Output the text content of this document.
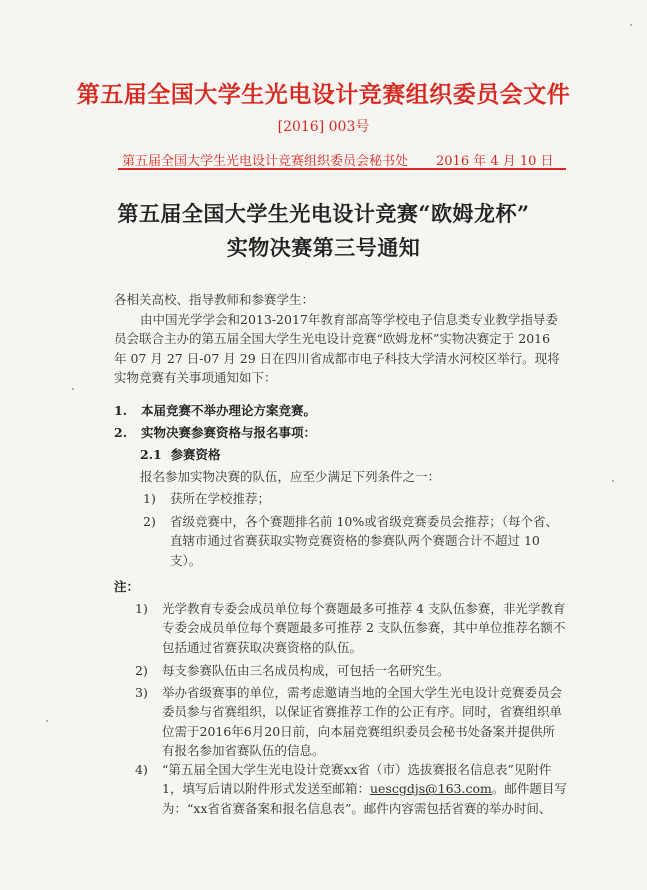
第五届全国大学生光电设计竞赛组织委员会文件
[2016] 003号
第五届全国大学生光电设计竞赛组织委员会秘书处 2016 年 4 月 10 日
第五届全国大学生光电设计竞赛“欧姆龙杯”
实物决赛第三号通知
各相关高校、指导教师和参赛学生：
由中国光学学会和2013-2017年教育部高等学校电子信息类专业教学指导委员会联合主办的第五届全国大学生光电设计竞赛“欧姆龙杯”实物决赛定于 2016 年 07 月 27 日-07 月 29 日在四川省成都市电子科技大学清水河校区举行。现将实物竞赛有关事项通知如下：
1. 本届竞赛不举办理论方案竞赛。
2. 实物决赛参赛资格与报名事项：
2.1 参赛资格
报名参加实物决赛的队伍，应至少满足下列条件之一：
1) 获所在学校推荐；
2)	省级竞赛中，各个赛题排名前 10%或省级竞赛委员会推荐；（每个省、直辖市通过省赛获取实物竞赛资格的参赛队两个赛题合计不超过 10 支）。
注：
1)	光学教育专委会成员单位每个赛题最多可推荐 4 支队伍参赛，非光学教育专委会成员单位每个赛题最多可推荐 2 支队伍参赛，其中单位推荐名额不包括通过省赛获取决赛资格的队伍。
2)	每支参赛队伍由三名成员构成，可包括一名研究生。
3)	举办省级赛事的单位，需考虑邀请当地的全国大学生光电设计竞赛委员会委员参与省赛组织，以保证省赛推荐工作的公正有序。同时，省赛组织单位需于2016年6月20日前，向本届竞赛组织委员会秘书处备案并提供所有报名参加省赛队伍的信息。
4)	“第五届全国大学生光电设计竞赛xx省（市）选拔赛报名信息表”见附件 1，填写后请以附件形式发送至邮箱：uescgdjs@163.com。邮件题目写为：“xx省省赛备案和报名信息表”。邮件内容需包括省赛的举办时间、
